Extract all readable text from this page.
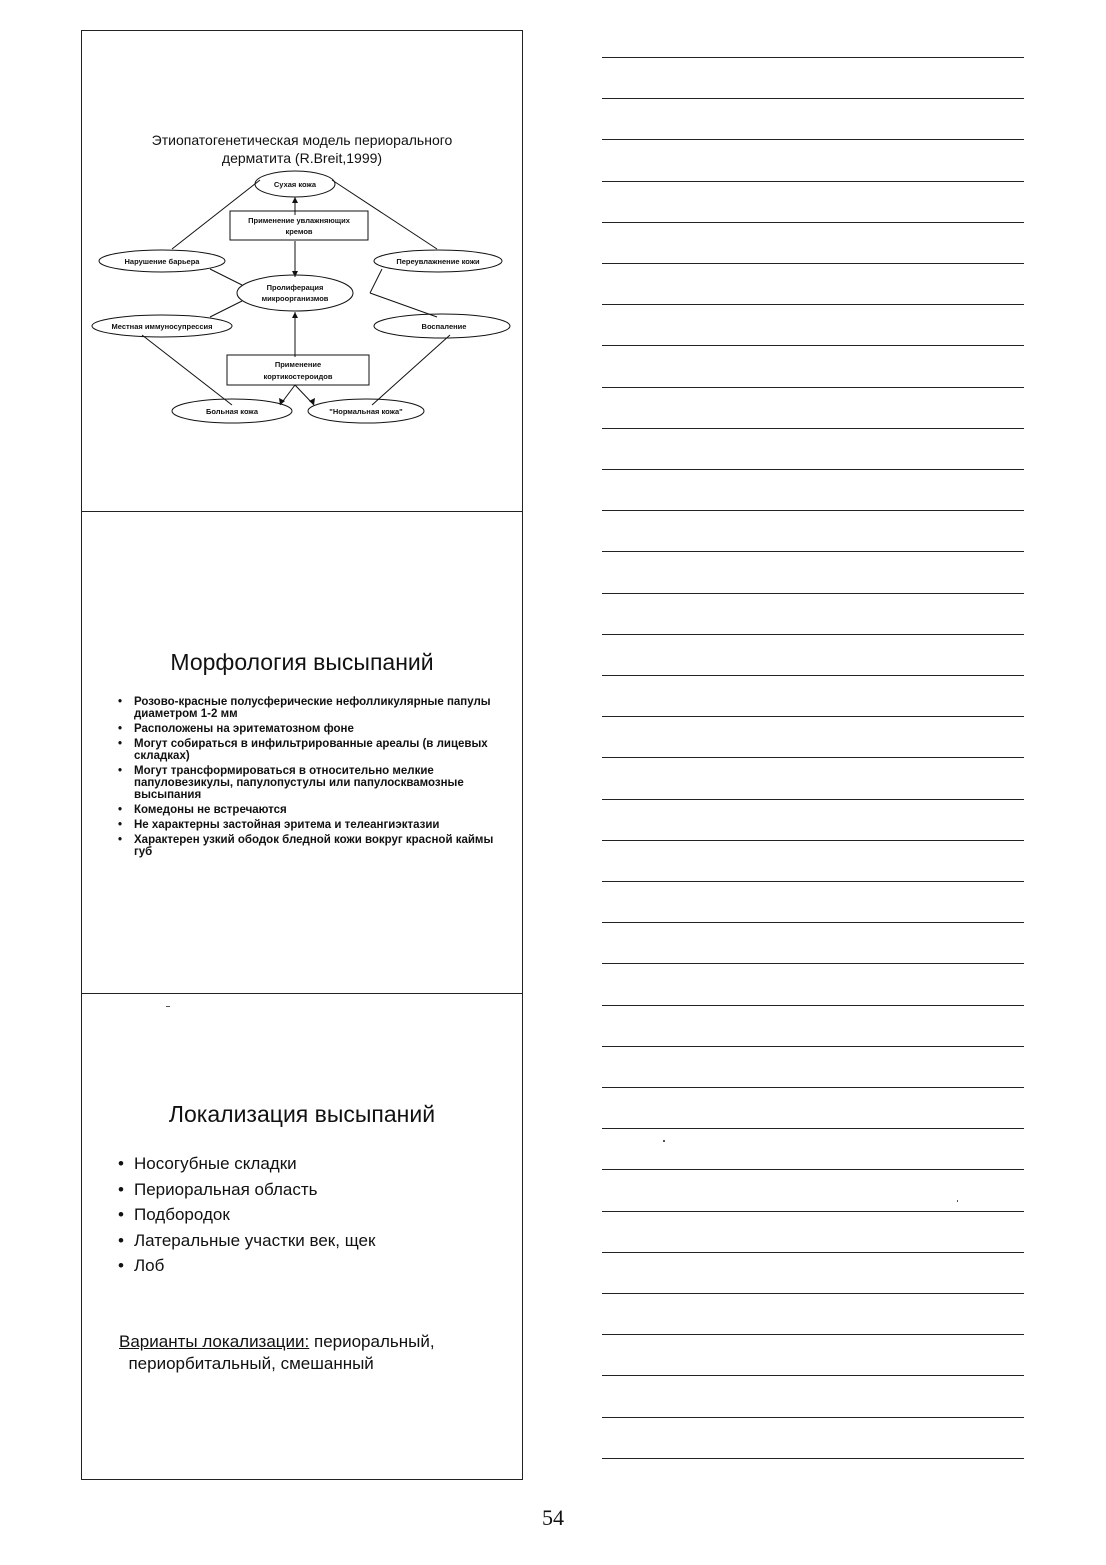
Этиопатогенетическая модель периорального
дерматита (R.Breit,1999)
Сухая кожа
Применение увлажняющих
кремов
Нарушение барьера	Переувлажнение кожи
Пролиферация
микроорганизмов
Местная иммуносупрессия	Воспаление
Применение
кортикостероидов
Больная кожа	"Нормальная кожа"
Морфология высыпаний
• Розово-красные полусферические нефолликулярные папулы диаметром 1-2 мм
• Расположены на эритематозном фоне
• Могут собираться в инфильтрированные ареалы (в лицевых складках)
• Могут трансформироваться в относительно мелкие папуловезикулы, папулопустулы или папулосквамозные высыпания
• Комедоны не встречаются
• Не характерны застойная эритема и телеангиэктазии
• Характерен узкий ободок бледной кожи вокруг красной каймы губ
Локализация высыпаний
• Носогубные складки
• Периоральная область
• Подбородок
• Латеральные участки век, щек
• Лоб
Варианты локализации: периоральный,
периорбитальный, смешанный
54
